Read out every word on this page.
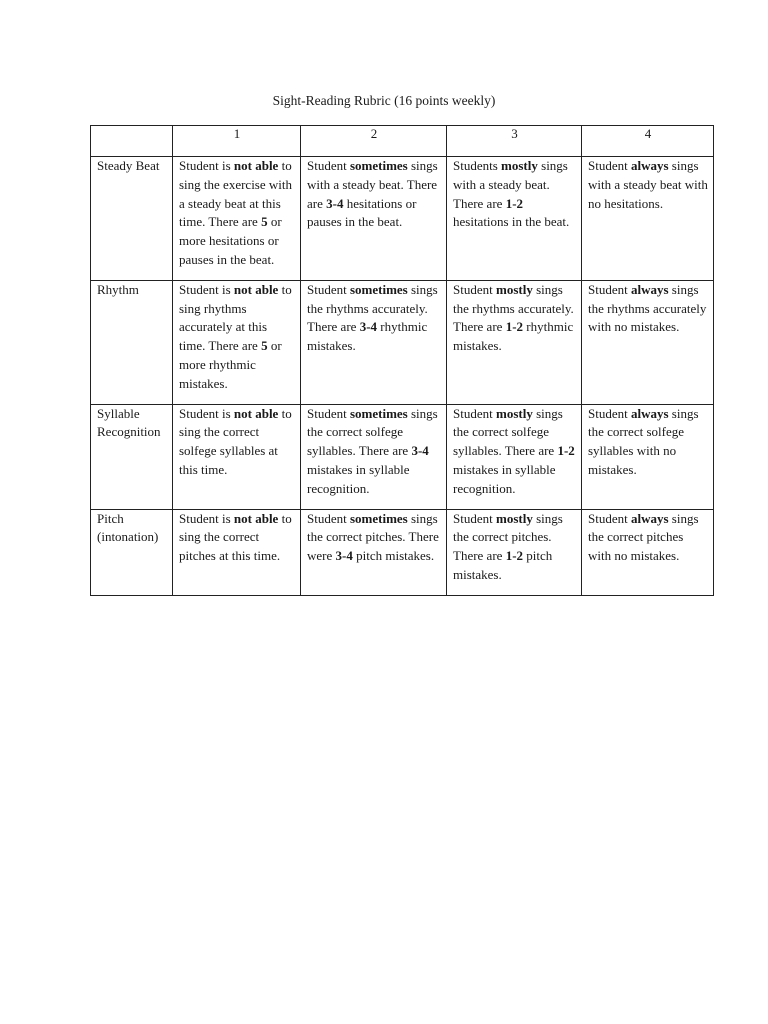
Sight-Reading Rubric (16 points weekly)
	1	2	3	4
Steady Beat	Student is not able to sing the exercise with a steady beat at this time. There are 5 or more hesitations or pauses in the beat.	Student sometimes sings with a steady beat. There are 3-4 hesitations or pauses in the beat.	Students mostly sings with a steady beat. There are 1-2 hesitations in the beat.	Student always sings with a steady beat with no hesitations.
Rhythm	Student is not able to sing rhythms accurately at this time. There are 5 or more rhythmic mistakes.	Student sometimes sings the rhythms accurately. There are 3-4 rhythmic mistakes.	Student mostly sings the rhythms accurately. There are 1-2 rhythmic mistakes.	Student always sings the rhythms accurately with no mistakes.
Syllable Recognition	Student is not able to sing the correct solfege syllables at this time.	Student sometimes sings the correct solfege syllables. There are 3-4 mistakes in syllable recognition.	Student mostly sings the correct solfege syllables. There are 1-2 mistakes in syllable recognition.	Student always sings the correct solfege syllables with no mistakes.
Pitch (intonation)	Student is not able to sing the correct pitches at this time.	Student sometimes sings the correct pitches. There were 3-4 pitch mistakes.	Student mostly sings the correct pitches. There are 1-2 pitch mistakes.	Student always sings the correct pitches with no mistakes.
